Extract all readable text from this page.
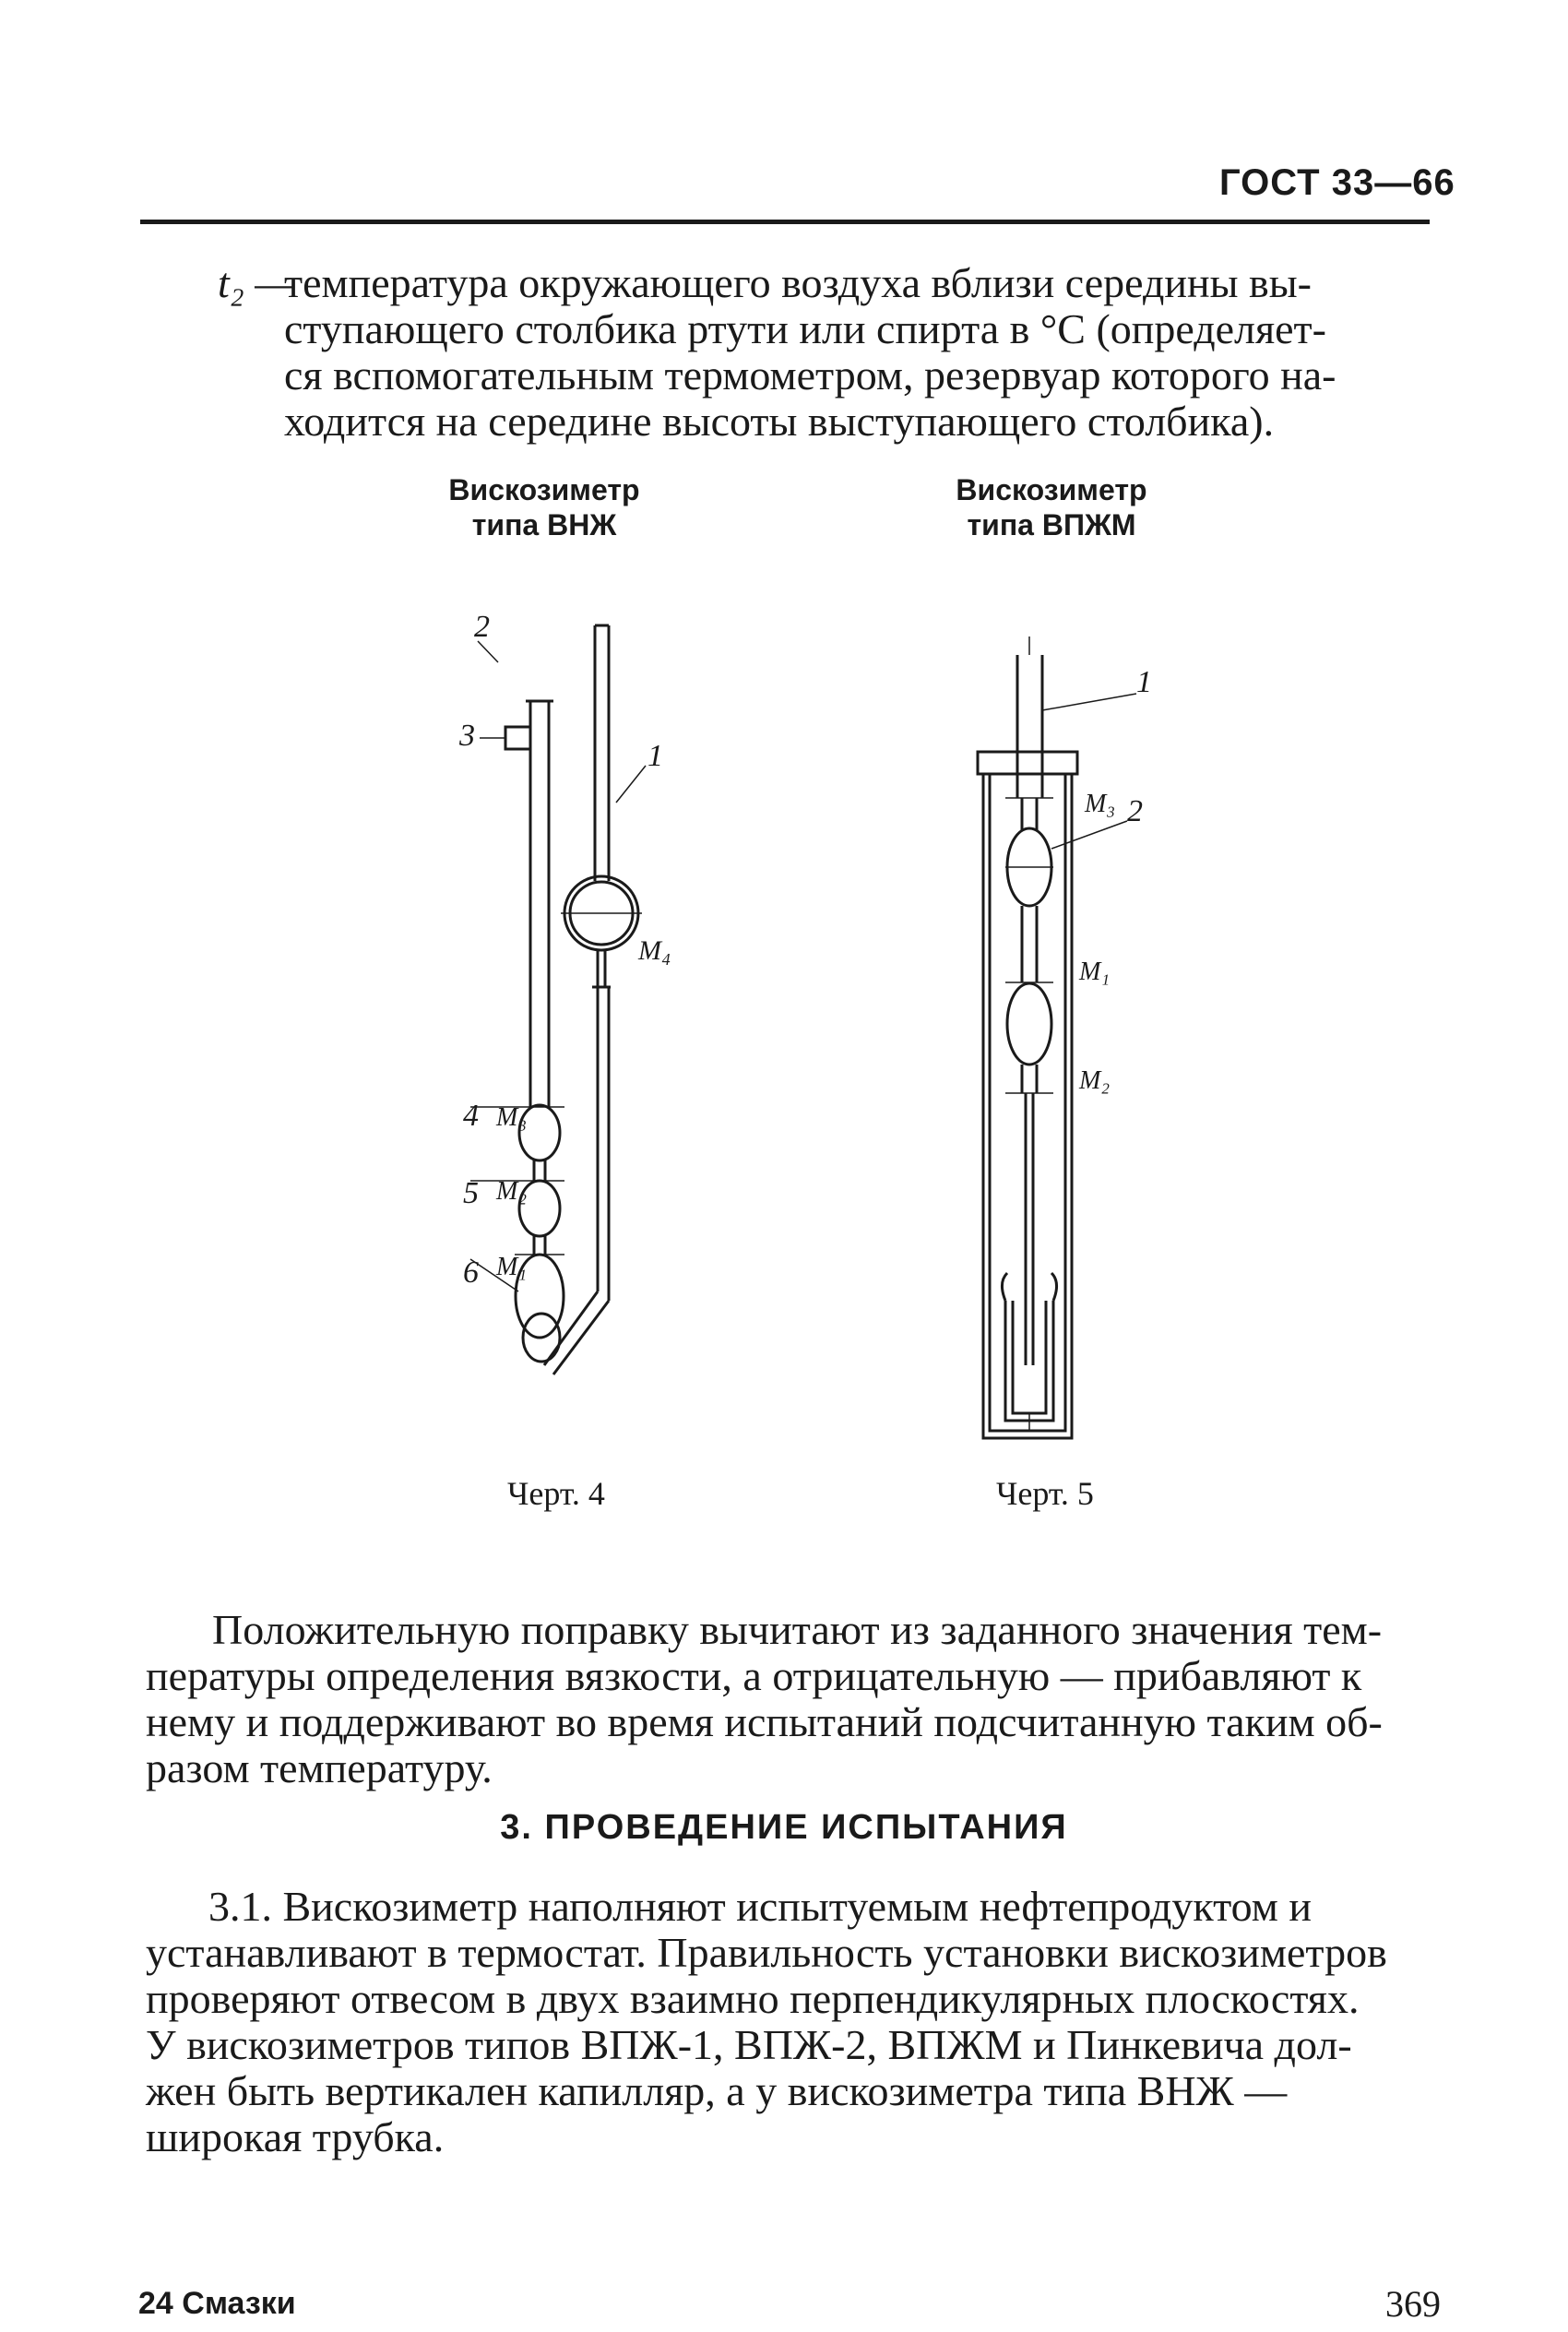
ГОСТ 33—66
t₂ —
температура окружающего воздуха вблизи середины вы-
ступающего столбика ртути или спирта в °С (определяет-
ся вспомогательным термометром, резервуар которого на-
ходится на середине высоты выступающего столбика).
Вискозиметр
типа ВНЖ
Вискозиметр
типа ВПЖМ
2
3
1
M₄
4 M₃
5 M₂
6 M₁
1
M₃ 2
M₁
M₂
Черт. 4	Черт. 5
Положительную поправку вычитают из заданного значения тем-
пературы определения вязкости, а отрицательную — прибавляют к
нему и поддерживают во время испытаний подсчитанную таким об-
разом температуру.
3. ПРОВЕДЕНИЕ ИСПЫТАНИЯ
3.1. Вискозиметр наполняют испытуемым нефтепродуктом и
устанавливают в термостат. Правильность установки вискозиметров
проверяют отвесом в двух взаимно перпендикулярных плоскостях.
У вискозиметров типов ВПЖ-1, ВПЖ-2, ВПЖМ и Пинкевича дол-
жен быть вертикален капилляр, а у вискозиметра типа ВНЖ —
широкая трубка.
24 Смазки	369
